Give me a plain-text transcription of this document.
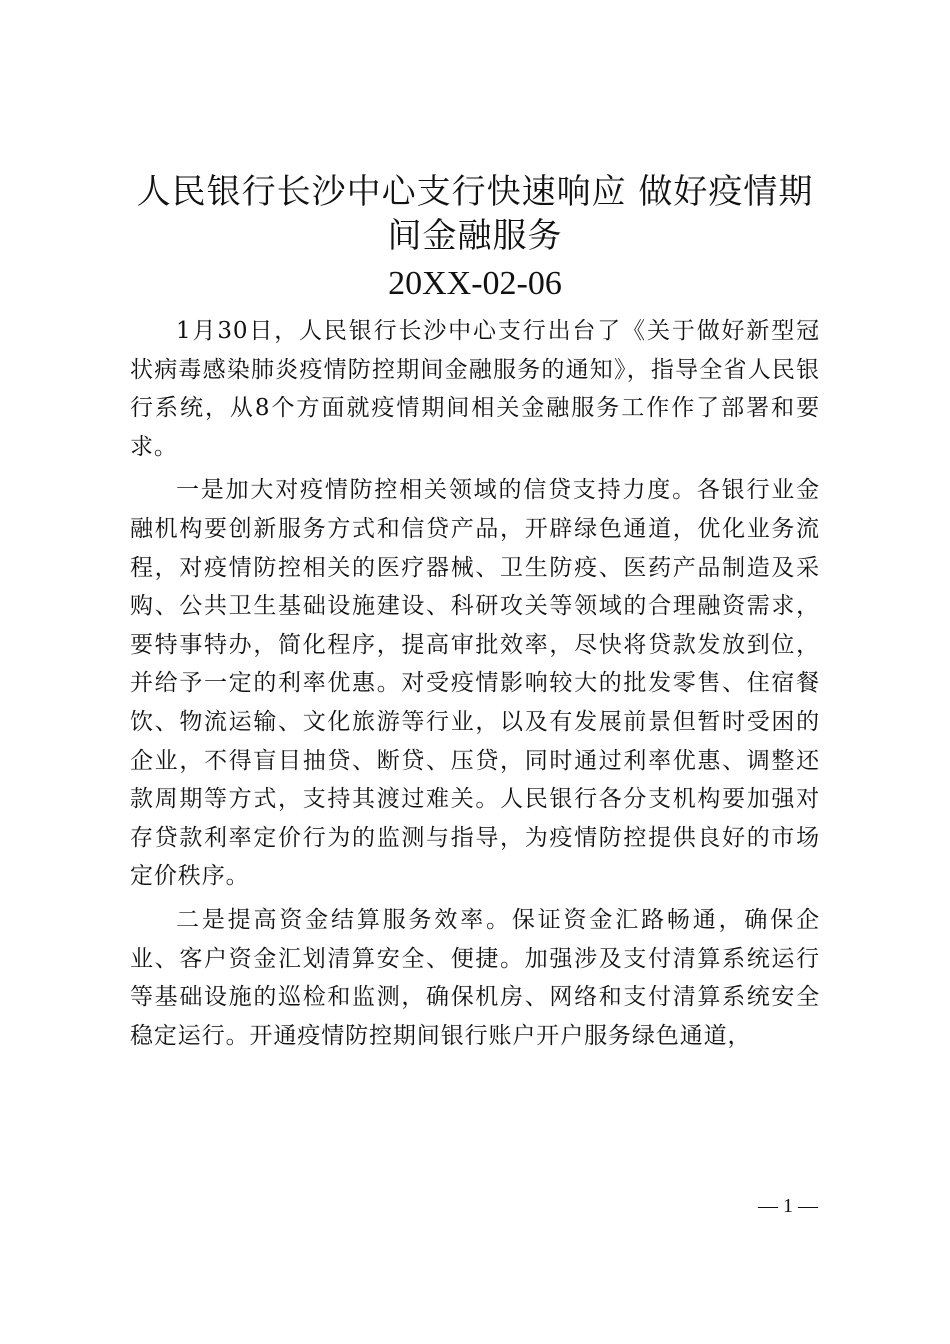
人民银行长沙中心支行快速响应 做好疫情期间金融服务
20XX-02-06

1月30日，人民银行长沙中心支行出台了《关于做好新型冠状病毒感染肺炎疫情防控期间金融服务的通知》，指导全省人民银行系统，从8个方面就疫情期间相关金融服务工作作了部署和要求。

一是加大对疫情防控相关领域的信贷支持力度。各银行业金融机构要创新服务方式和信贷产品，开辟绿色通道，优化业务流程，对疫情防控相关的医疗器械、卫生防疫、医药产品制造及采购、公共卫生基础设施建设、科研攻关等领域的合理融资需求，要特事特办，简化程序，提高审批效率，尽快将贷款发放到位，并给予一定的利率优惠。对受疫情影响较大的批发零售、住宿餐饮、物流运输、文化旅游等行业，以及有发展前景但暂时受困的企业，不得盲目抽贷、断贷、压贷，同时通过利率优惠、调整还款周期等方式，支持其渡过难关。人民银行各分支机构要加强对存贷款利率定价行为的监测与指导，为疫情防控提供良好的市场定价秩序。

二是提高资金结算服务效率。保证资金汇路畅通，确保企业、客户资金汇划清算安全、便捷。加强涉及支付清算系统运行等基础设施的巡检和监测，确保机房、网络和支付清算系统安全稳定运行。开通疫情防控期间银行账户开户服务绿色通道，

— 1 —
